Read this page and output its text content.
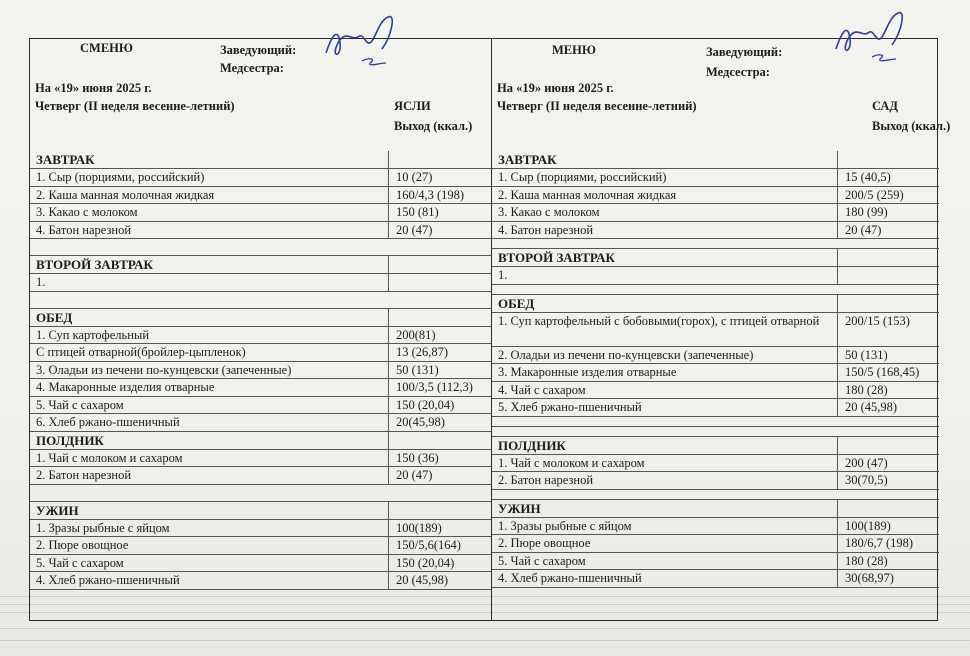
СМЕНЮ	Заведующий:
Медсестра:
На «19» июня 2025 г.
Четверг (II неделя весенне-летний)	ЯСЛИ
Выход (ккал.)
ЗАВТРАК
1. Сыр (порциями, российский)	10 (27)
2. Каша манная молочная жидкая	160/4,3 (198)
3. Какао с молоком	150 (81)
4. Батон нарезной	20 (47)
ВТОРОЙ ЗАВТРАК
1.
ОБЕД
1. Суп картофельный	200(81)
С птицей отварной(бройлер-цыпленок)	13 (26,87)
3. Оладьи из печени по-кунцевски (запеченные)	50 (131)
4. Макаронные изделия отварные	100/3,5 (112,3)
5. Чай с сахаром	150 (20,04)
6. Хлеб ржано-пшеничный	20(45,98)
ПОЛДНИК
1. Чай с молоком и сахаром	150 (36)
2. Батон нарезной	20 (47)
УЖИН
1. Зразы рыбные с яйцом	100(189)
2. Пюре овощное	150/5,6(164)
5. Чай с сахаром	150 (20,04)
4. Хлеб ржано-пшеничный	20 (45,98)
МЕНЮ	Заведующий:
Медсестра:
На «19» июня 2025 г.
Четверг (II неделя весенне-летний)	САД
Выход (ккал.)
ЗАВТРАК
1. Сыр (порциями, российский)	15 (40,5)
2. Каша манная молочная жидкая	200/5 (259)
3. Какао с молоком	180 (99)
4. Батон нарезной	20 (47)
ВТОРОЙ ЗАВТРАК
1.
ОБЕД
1. Суп картофельный с бобовыми(горох), с птицей отварной	200/15 (153)
2. Оладьи из печени по-кунцевски (запеченные)	50 (131)
3. Макаронные изделия отварные	150/5 (168,45)
4. Чай с сахаром	180 (28)
5. Хлеб ржано-пшеничный	20 (45,98)
ПОЛДНИК
1. Чай с молоком и сахаром	200 (47)
2. Батон нарезной	30(70,5)
УЖИН
1. Зразы рыбные с яйцом	100(189)
2. Пюре овощное	180/6,7 (198)
5. Чай с сахаром	180 (28)
4. Хлеб ржано-пшеничный	30(68,97)
